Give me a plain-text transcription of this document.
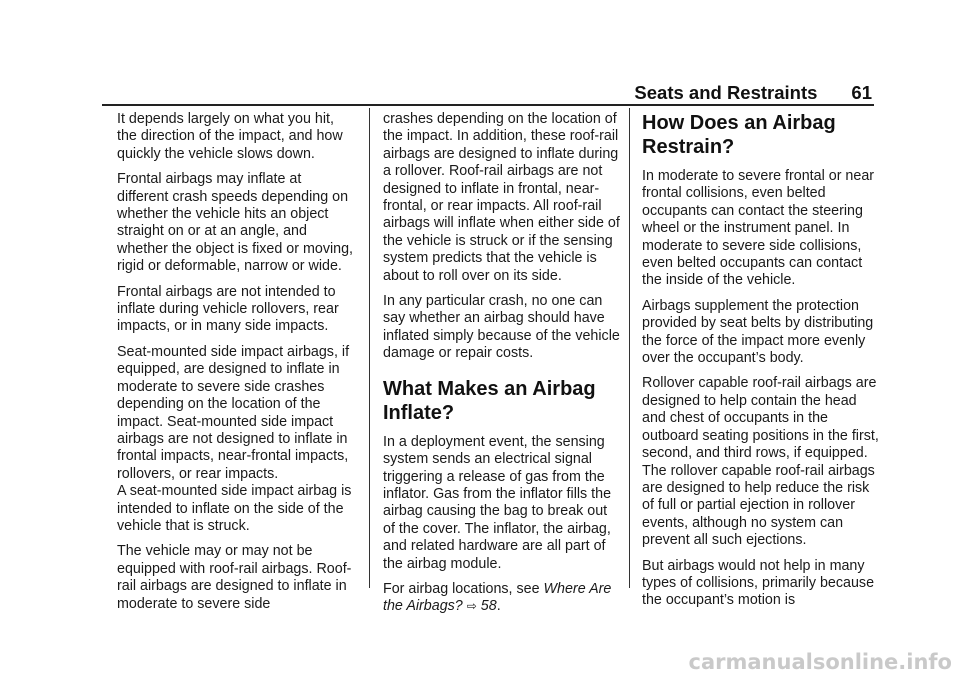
Seats and Restraints 61

It depends largely on what you hit, the direction of the impact, and how quickly the vehicle slows down.

Frontal airbags may inflate at different crash speeds depending on whether the vehicle hits an object straight on or at an angle, and whether the object is fixed or moving, rigid or deformable, narrow or wide.

Frontal airbags are not intended to inflate during vehicle rollovers, rear impacts, or in many side impacts.

Seat-mounted side impact airbags, if equipped, are designed to inflate in moderate to severe side crashes depending on the location of the impact. Seat-mounted side impact airbags are not designed to inflate in frontal impacts, near-frontal impacts, rollovers, or rear impacts.

A seat-mounted side impact airbag is intended to inflate on the side of the vehicle that is struck.

The vehicle may or may not be equipped with roof-rail airbags. Roof-rail airbags are designed to inflate in moderate to severe side

crashes depending on the location of the impact. In addition, these roof-rail airbags are designed to inflate during a rollover. Roof-rail airbags are not designed to inflate in frontal, near-frontal, or rear impacts. All roof-rail airbags will inflate when either side of the vehicle is struck or if the sensing system predicts that the vehicle is about to roll over on its side.

In any particular crash, no one can say whether an airbag should have inflated simply because of the vehicle damage or repair costs.

What Makes an Airbag Inflate?

In a deployment event, the sensing system sends an electrical signal triggering a release of gas from the inflator. Gas from the inflator fills the airbag causing the bag to break out of the cover. The inflator, the airbag, and related hardware are all part of the airbag module.

For airbag locations, see Where Are the Airbags? ⇨ 58.

How Does an Airbag Restrain?

In moderate to severe frontal or near frontal collisions, even belted occupants can contact the steering wheel or the instrument panel. In moderate to severe side collisions, even belted occupants can contact the inside of the vehicle.

Airbags supplement the protection provided by seat belts by distributing the force of the impact more evenly over the occupant’s body.

Rollover capable roof-rail airbags are designed to help contain the head and chest of occupants in the outboard seating positions in the first, second, and third rows, if equipped. The rollover capable roof-rail airbags are designed to help reduce the risk of full or partial ejection in rollover events, although no system can prevent all such ejections.

But airbags would not help in many types of collisions, primarily because the occupant’s motion is

carmanualsonline.info
